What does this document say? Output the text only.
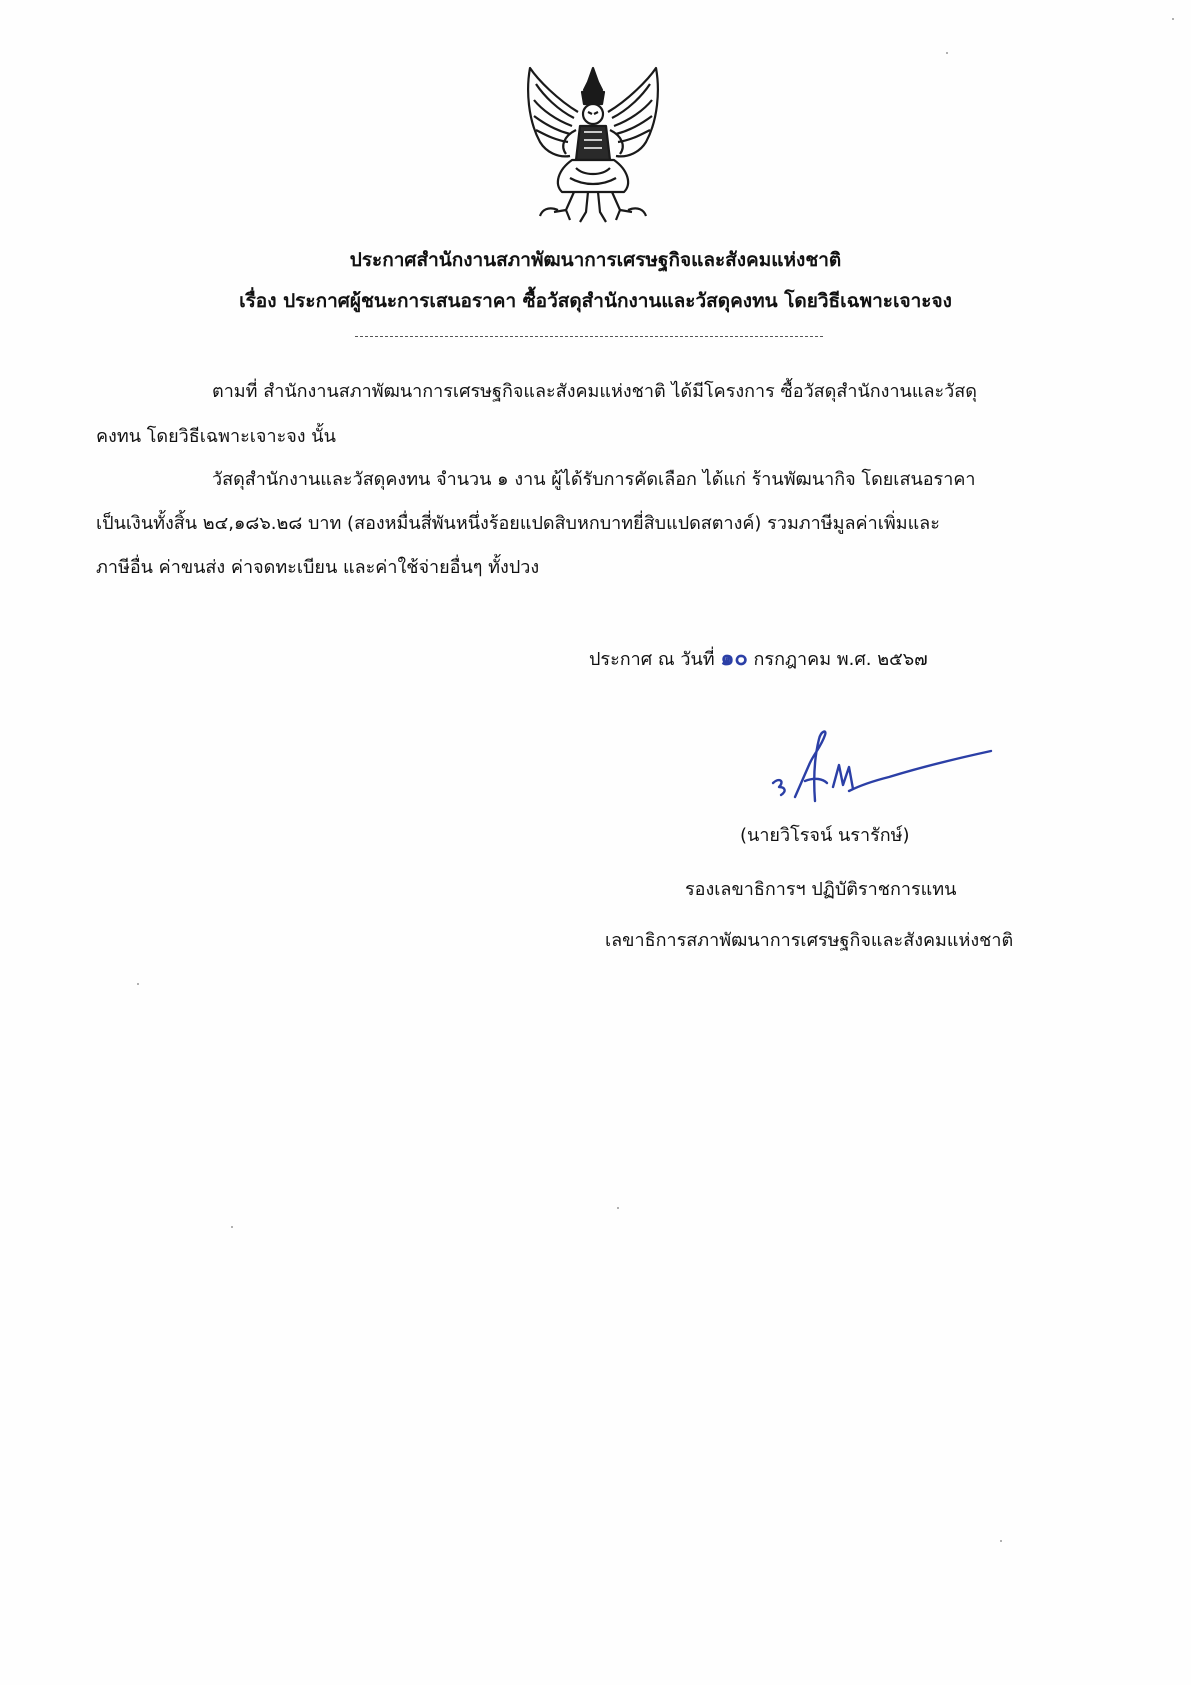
ประกาศสำนักงานสภาพัฒนาการเศรษฐกิจและสังคมแห่งชาติ
เรื่อง ประกาศผู้ชนะการเสนอราคา ซื้อวัสดุสำนักงานและวัสดุคงทน โดยวิธีเฉพาะเจาะจง
ตามที่ สำนักงานสภาพัฒนาการเศรษฐกิจและสังคมแห่งชาติ ได้มีโครงการ ซื้อวัสดุสำนักงานและวัสดุ
คงทน โดยวิธีเฉพาะเจาะจง นั้น
วัสดุสำนักงานและวัสดุคงทน จำนวน ๑ งาน ผู้ได้รับการคัดเลือก ได้แก่ ร้านพัฒนากิจ โดยเสนอราคา
เป็นเงินทั้งสิ้น ๒๔,๑๘๖.๒๘ บาท (สองหมื่นสี่พันหนึ่งร้อยแปดสิบหกบาทยี่สิบแปดสตางค์) รวมภาษีมูลค่าเพิ่มและ
ภาษีอื่น ค่าขนส่ง ค่าจดทะเบียน และค่าใช้จ่ายอื่นๆ ทั้งปวง
ประกาศ ณ วันที่ ๑๐ กรกฎาคม พ.ศ. ๒๕๖๗
(นายวิโรจน์ นรารักษ์)
รองเลขาธิการฯ ปฏิบัติราชการแทน
เลขาธิการสภาพัฒนาการเศรษฐกิจและสังคมแห่งชาติ
